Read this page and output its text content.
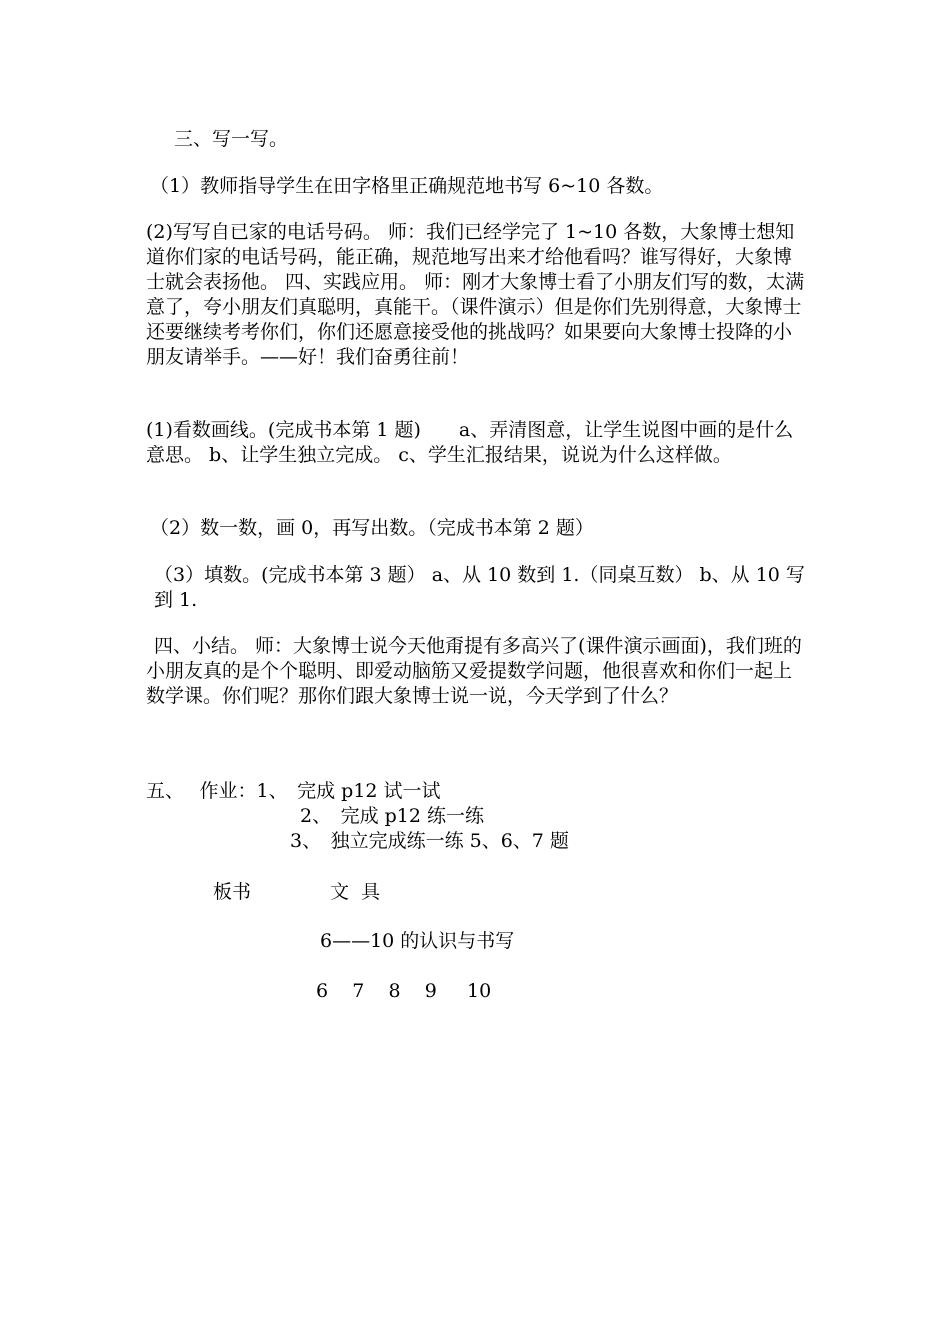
三、写一写。

（1）教师指导学生在田字格里正确规范地书写 6~10 各数。

(2)写写自已家的电话号码。 师：我们已经学完了 1~10 各数，大象博士想知道你们家的电话号码，能正确，规范地写出来才给他看吗？谁写得好，大象博士就会表扬他。 四、实践应用。 师：刚才大象博士看了小朋友们写的数，太满意了，夸小朋友们真聪明，真能干。（课件演示）但是你们先别得意，大象博士还要继续考考你们，你们还愿意接受他的挑战吗？如果要向大象博士投降的小朋友请举手。——好！我们奋勇往前！

(1)看数画线。(完成书本第 1 题)　　a、弄清图意，让学生说图中画的是什么意思。 b、让学生独立完成。 c、学生汇报结果，说说为什么这样做。

（2）数一数，画 0，再写出数。（完成书本第 2 题）

（3）填数。(完成书本第 3 题） a、从 10 数到 1.（同桌互数） b、从 10 写到 1.

四、小结。 师：大象博士说今天他甭提有多高兴了(课件演示画面)，我们班的小朋友真的是个个聪明、即爱动脑筋又爱提数学问题，他很喜欢和你们一起上数学课。你们呢？那你们跟大象博士说一说，今天学到了什么？

五、　 作业：1、　完成 p12 试一试

2、　完成 p12 练一练

3、　独立完成练一练 5、6、7 题

板书	文  具

6——10 的认识与书写

6    7    8    9     10
